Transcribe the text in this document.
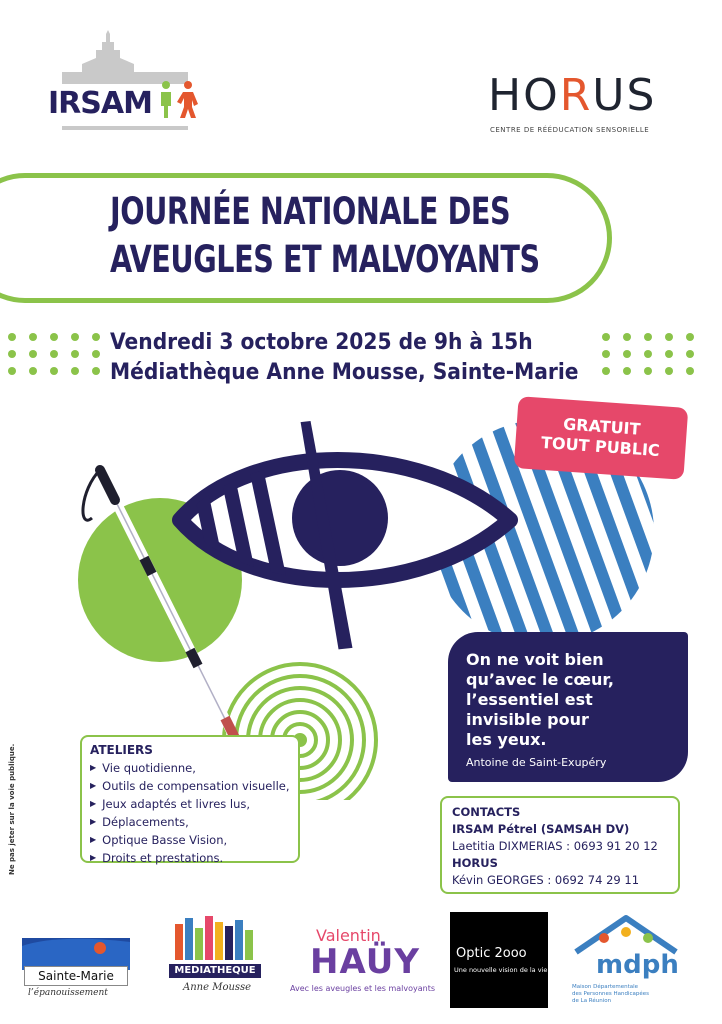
IRSAM	HORUS
CENTRE DE RÉÉDUCATION SENSORIELLE
JOURNÉE NATIONALE DES
AVEUGLES ET MALVOYANTS
Vendredi 3 octobre 2025 de 9h à 15h
Médiathèque Anne Mousse, Sainte-Marie
GRATUIT
TOUT PUBLIC
On ne voit bien
qu’avec le cœur,
l’essentiel est
invisible pour
les yeux.
Antoine de Saint-Exupéry
ATELIERS
▶ Vie quotidienne,
▶ Outils de compensation visuelle,
▶ Jeux adaptés et livres lus,
▶ Déplacements,
▶ Optique Basse Vision,
▶ Droits et prestations.
CONTACTS
IRSAM Pétrel (SAMSAH DV)
Laetitia DIXMERIAS : 0693 91 20 12
HORUS
Kévin GEORGES : 0692 74 29 11
Ne pas jeter sur la voie publique.
Sainte-Marie
l’épanouissement
MEDIATHEQUE
Anne Mousse
Valentin
HAÜY
Avec les aveugles et les malvoyants
Optic 2ooo
Une nouvelle vision de la vie mdph
Maison Départementale
des Personnes Handicapées
de La Réunion
